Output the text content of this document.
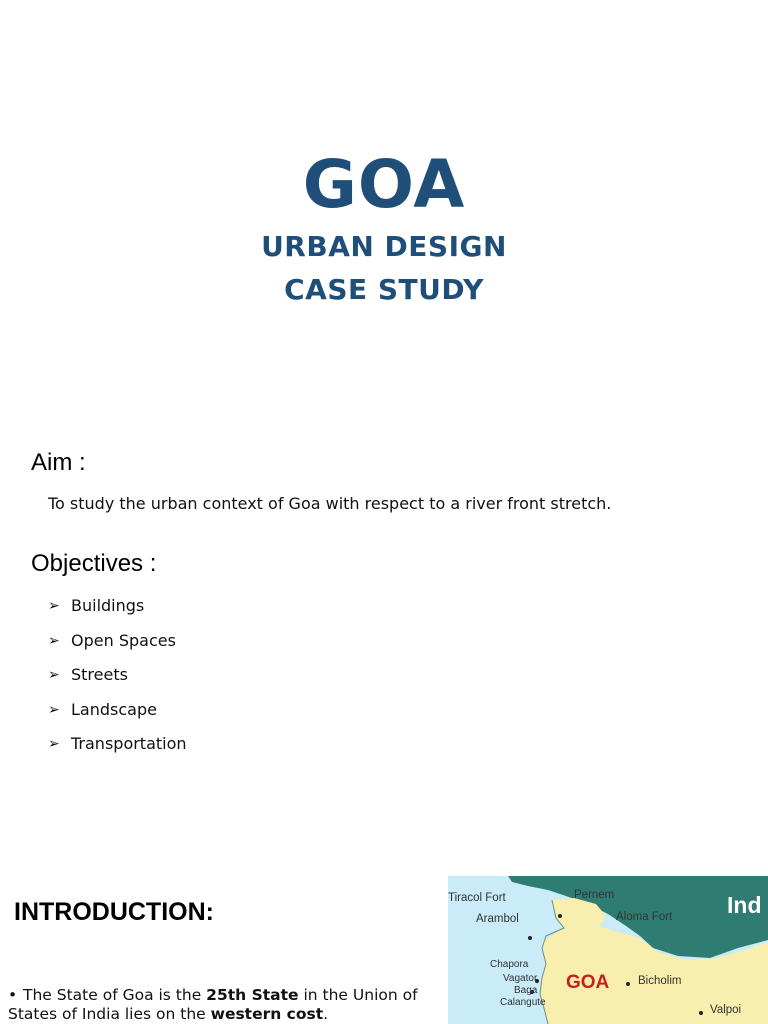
GOA
URBAN DESIGN
CASE STUDY
Aim :
To study the urban context of Goa with respect to a river front stretch.
Objectives :
➢ Buildings
➢ Open Spaces
➢ Streets
➢ Landscape
➢ Transportation
INTRODUCTION:
• The State of Goa is the 25th State in the Union of States of India lies on the western cost.
Tiracol Fort
Arambol
Chapora
Vagator
Baga
Calangute
Pernem
Aloma Fort
Bicholim
Valpoi
GOA
Ind
